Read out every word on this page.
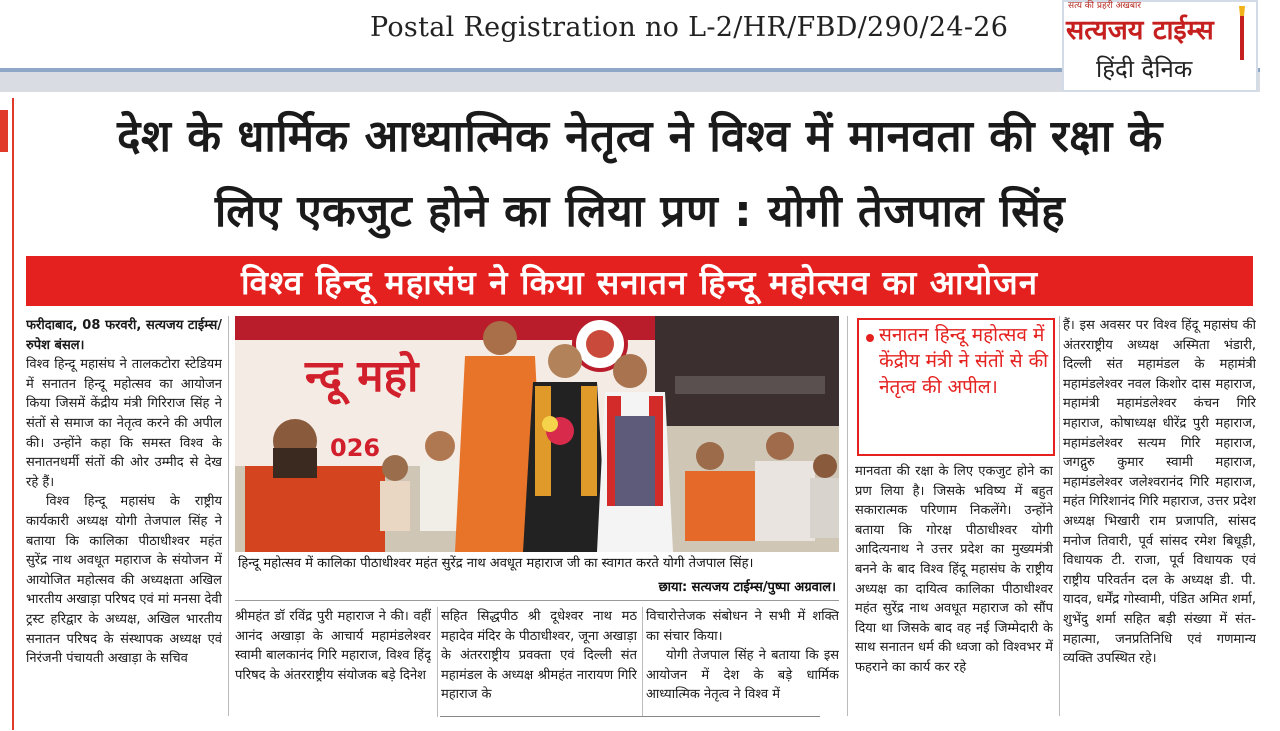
Postal Registration no L-2/HR/FBD/290/24-26
सत्य की प्रहरी अखबार
सत्यजय टाईम्स
हिंदी दैनिक
देश के धार्मिक आध्यात्मिक नेतृत्व ने विश्व में मानवता की रक्षा के
लिए एकजुट होने का लिया प्रण : योगी तेजपाल सिंह
विश्व हिन्दू महासंघ ने किया सनातन हिन्दू महोत्सव का आयोजन

फरीदाबाद, 08 फरवरी, सत्यजय टाईम्स/रुपेश बंसल।

विश्व हिन्दू महासंघ ने तालकटोरा स्टेडियम में सनातन हिन्दू महोत्सव का आयोजन किया जिसमें केंद्रीय मंत्री गिरिराज सिंह ने संतों से समाज का नेतृत्व करने की अपील की। उन्होंने कहा कि समस्त विश्व के सनातनधर्मी संतों की ओर उम्मीद से देख रहे हैं।

विश्व हिन्दू महासंघ के राष्ट्रीय कार्यकारी अध्यक्ष योगी तेजपाल सिंह ने बताया कि कालिका पीठाधीश्वर महंत सुरेंद्र नाथ अवधूत महाराज के संयोजन में आयोजित महोत्सव की अध्यक्षता अखिल भारतीय अखाड़ा परिषद एवं मां मनसा देवी ट्रस्ट हरिद्वार के अध्यक्ष, अखिल भारतीय सनातन परिषद के संस्थापक अध्यक्ष एवं निरंजनी पंचायती अखाड़ा के सचिव

न्दू महो
026
हिन्दू महोत्सव में कालिका पीठाधीश्वर महंत सुरेंद्र नाथ अवधूत महाराज जी का स्वागत करते योगी तेजपाल सिंह।
छाया: सत्यजय टाईम्स/पुष्पा अग्रवाल।

श्रीमहंत डॉ रविंद्र पुरी महाराज ने की। वहीं आनंद अखाड़ा के आचार्य महामंडलेश्वर स्वामी बालकानंद गिरि महाराज, विश्व हिंदू परिषद के अंतरराष्ट्रीय संयोजक बड़े दिनेश

सहित सिद्धपीठ श्री दूधेश्वर नाथ मठ महादेव मंदिर के पीठाधीश्वर, जूना अखाड़ा के अंतरराष्ट्रीय प्रवक्ता एवं दिल्ली संत महामंडल के अध्यक्ष श्रीमहंत नारायण गिरि महाराज के

विचारोत्तेजक संबोधन ने सभी में शक्ति का संचार किया।

योगी तेजपाल सिंह ने बताया कि इस आयोजन में देश के बड़े धार्मिक आध्यात्मिक नेतृत्व ने विश्व में

सनातन हिन्दू महोत्सव में केंद्रीय मंत्री ने संतों से की नेतृत्व की अपील।

मानवता की रक्षा के लिए एकजुट होने का प्रण लिया है। जिसके भविष्य में बहुत सकारात्मक परिणाम निकलेंगे। उन्होंने बताया कि गोरक्ष पीठाधीश्वर योगी आदित्यनाथ ने उत्तर प्रदेश का मुख्यमंत्री बनने के बाद विश्व हिंदू महासंघ के राष्ट्रीय अध्यक्ष का दायित्व कालिका पीठाधीश्वर महंत सुरेंद्र नाथ अवधूत महाराज को सौंप दिया था जिसके बाद वह नई जिम्मेदारी के साथ सनातन धर्म की ध्वजा को विश्वभर में फहराने का कार्य कर रहे

हैं। इस अवसर पर विश्व हिंदू महासंघ की अंतरराष्ट्रीय अध्यक्ष अस्मिता भंडारी, दिल्ली संत महामंडल के महामंत्री महामंडलेश्वर नवल किशोर दास महाराज, महामंत्री महामंडलेश्वर कंचन गिरि महाराज, कोषाध्यक्ष धीरेंद्र पुरी महाराज, महामंडलेश्वर सत्यम गिरि महाराज, जगद्गुरु कुमार स्वामी महाराज, महामंडलेश्वर जलेश्वरानंद गिरि महाराज, महंत गिरिशानंद गिरि महाराज, उत्तर प्रदेश अध्यक्ष भिखारी राम प्रजापति, सांसद मनोज तिवारी, पूर्व सांसद रमेश बिधूड़ी, विधायक टी. राजा, पूर्व विधायक एवं राष्ट्रीय परिवर्तन दल के अध्यक्ष डी. पी. यादव, धर्मेंद्र गोस्वामी, पंडित अमित शर्मा, शुभेंदु शर्मा सहित बड़ी संख्या में संत-महात्मा, जनप्रतिनिधि एवं गणमान्य व्यक्ति उपस्थित रहे।
